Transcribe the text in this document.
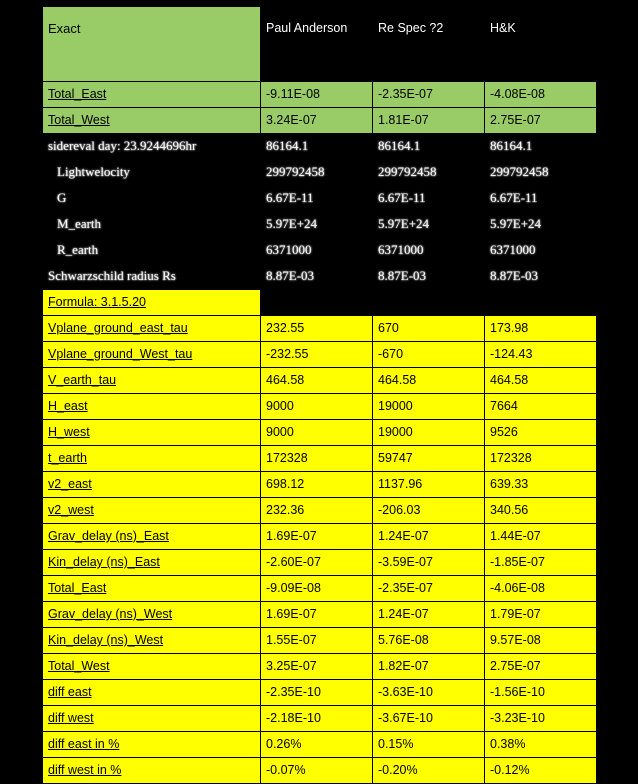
Exact	Paul Anderson	Re Spec ?2	H&K
Total_East	-9.11E-08	-2.35E-07	-4.08E-08
Total_West	3.24E-07	1.81E-07	2.75E-07
sidereval day: 23.9244696hr	86164.1	86164.1	86164.1
Lightwelocity	299792458	299792458	299792458
G	6.67E-11	6.67E-11	6.67E-11
M_earth	5.97E+24	5.97E+24	5.97E+24
R_earth	6371000	6371000	6371000
Schwarzschild radius Rs	8.87E-03	8.87E-03	8.87E-03
Formula: 3.1.5.20			
Vplane_ground_east_tau	232.55	670	173.98
Vplane_ground_West_tau	-232.55	-670	-124.43
V_earth_tau	464.58	464.58	464.58
H_east	9000	19000	7664
H_west	9000	19000	9526
t_earth	172328	59747	172328
v2_east	698.12	1137.96	639.33
v2_west	232.36	-206.03	340.56
Grav_delay (ns)_East	1.69E-07	1.24E-07	1.44E-07
Kin_delay (ns)_East	-2.60E-07	-3.59E-07	-1.85E-07
Total_East	-9.09E-08	-2.35E-07	-4.06E-08
Grav_delay (ns)_West	1.69E-07	1.24E-07	1.79E-07
Kin_delay (ns)_West	1.55E-07	5.76E-08	9.57E-08
Total_West	3.25E-07	1.82E-07	2.75E-07
diff east	-2.35E-10	-3.63E-10	-1.56E-10
diff west	-2.18E-10	-3.67E-10	-3.23E-10
diff east in %	0.26%	0.15%	0.38%
diff west in %	-0.07%	-0.20%	-0.12%
